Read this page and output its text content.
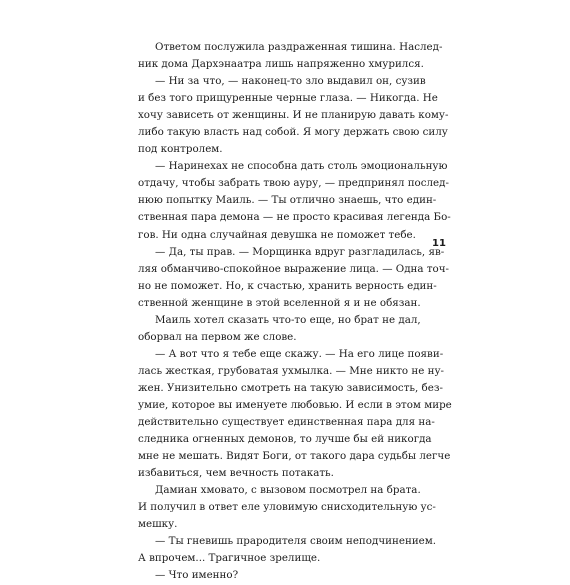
Ответом послужила раздраженная тишина. Наслед-
ник дома Дархэнаатра лишь напряженно хмурился.
— Ни за что, — наконец-то зло выдавил он, сузив
и без того прищуренные черные глаза. — Никогда. Не
хочу зависеть от женщины. И не планирую давать кому-
либо такую власть над собой. Я могу держать свою силу
под контролем.
— Наринехах не способна дать столь эмоциональную
отдачу, чтобы забрать твою ауру, — предпринял послед-
нюю попытку Маиль. — Ты отлично знаешь, что един-
ственная пара демона — не просто красивая легенда Бо-
гов. Ни одна случайная девушка не поможет тебе.
— Да, ты прав. — Морщинка вдруг разгладилась, яв-
ляя обманчиво-спокойное выражение лица. — Одна точ-
но не поможет. Но, к счастью, хранить верность един-
ственной женщине в этой вселенной я и не обязан.
Маиль хотел сказать что-то еще, но брат не дал,
оборвал на первом же слове.
— А вот что я тебе еще скажу. — На его лице появи-
лась жесткая, грубоватая ухмылка. — Мне никто не ну-
жен. Унизительно смотреть на такую зависимость, без-
умие, которое вы именуете любовью. И если в этом мире
действительно существует единственная пара для на-
следника огненных демонов, то лучше бы ей никогда
мне не мешать. Видят Боги, от такого дара судьбы легче
избавиться, чем вечность потакать.
Дамиан хмовато, с вызовом посмотрел на брата.
И получил в ответ еле уловимую снисходительную ус-
мешку.
— Ты гневишь прародителя своим неподчинением.
А впрочем... Трагичное зрелище.
— Что именно?
11
